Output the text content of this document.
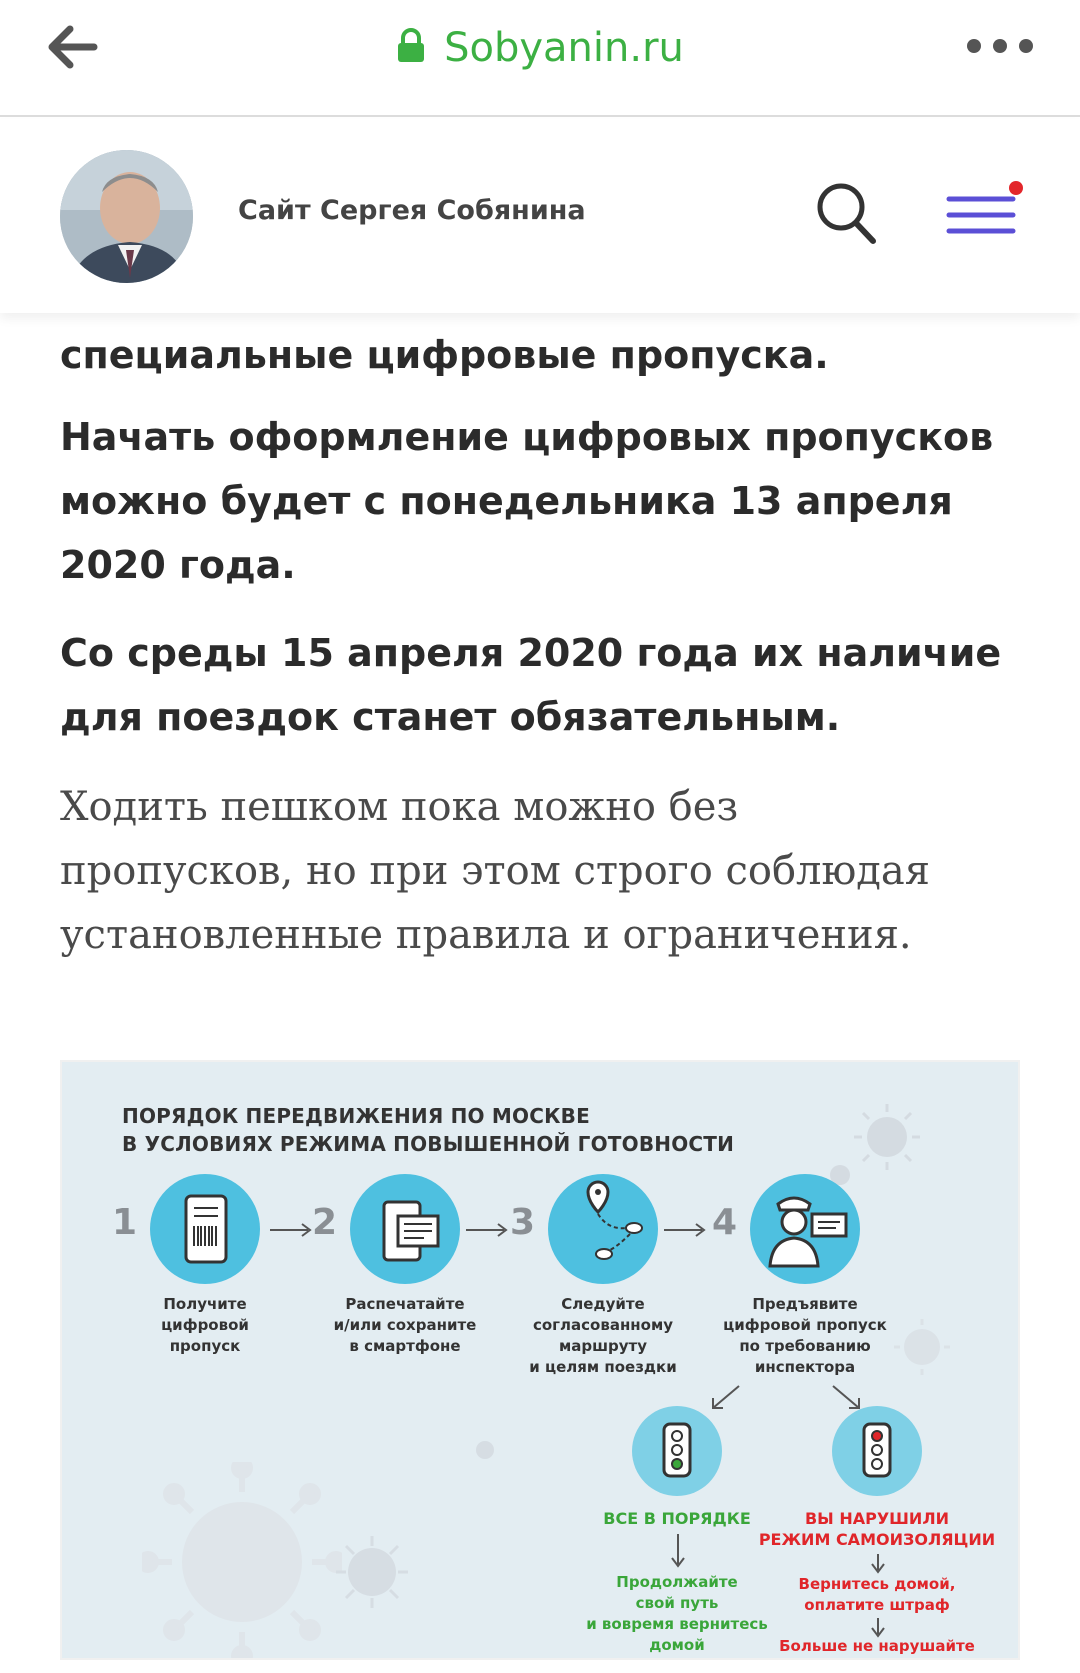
Sobyanin.ru
Сайт Сергея Собянина
специальные цифровые пропуска.
Начать оформление цифровых пропусков
можно будет с понедельника 13 апреля
2020 года.
Со среды 15 апреля 2020 года их наличие
для поездок станет обязательным.
Ходить пешком пока можно без
пропусков, но при этом строго соблюдая
установленные правила и ограничения.
ПОРЯДОК ПЕРЕДВИЖЕНИЯ ПО МОСКВЕ
В УСЛОВИЯХ РЕЖИМА ПОВЫШЕННОЙ ГОТОВНОСТИ
1
Получите
цифровой
пропуск
2
Распечатайте
и/или сохраните
в смартфоне
3
Следуйте
согласованному
маршруту
и целям поездки
4
Предъявите
цифровой пропуск
по требованию
инспектора
ВСЕ В ПОРЯДКЕ
Продолжайте
свой путь
и вовремя вернитесь
домой
ВЫ НАРУШИЛИ
РЕЖИМ САМОИЗОЛЯЦИИ
Вернитесь домой,
оплатите штраф
Больше не нарушайте
